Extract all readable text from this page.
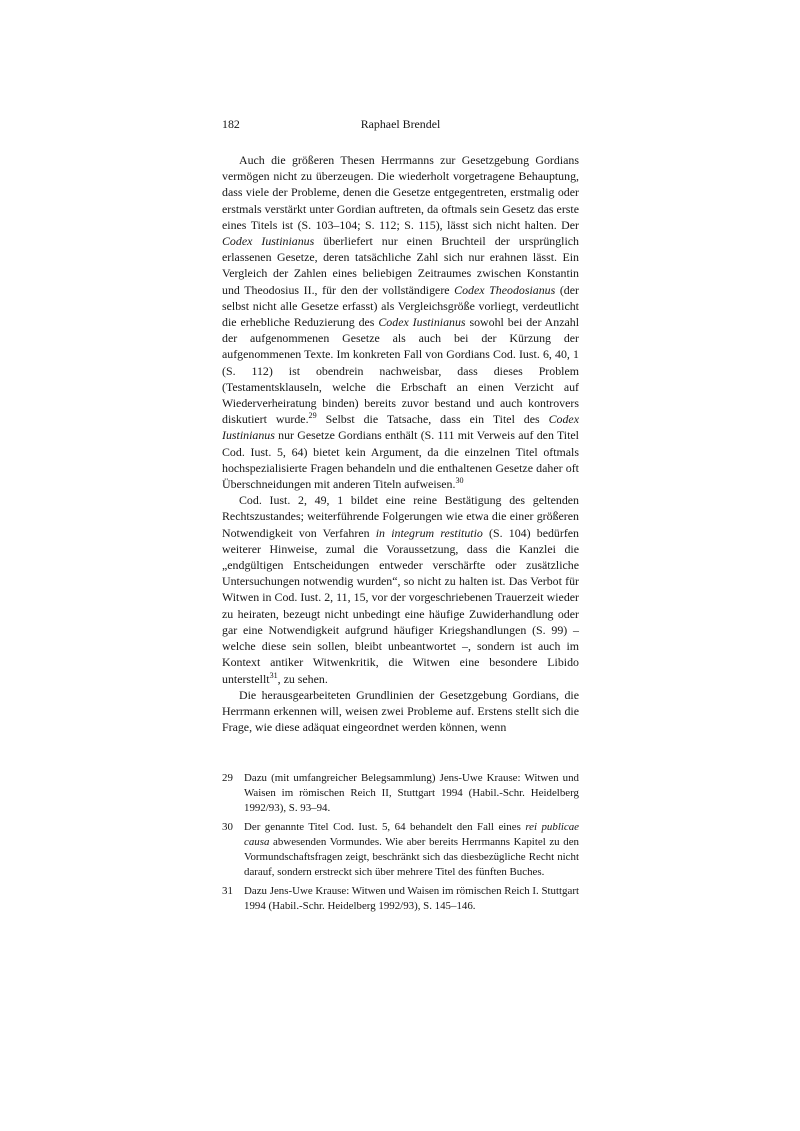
182	Raphael Brendel

Auch die größeren Thesen Herrmanns zur Gesetzgebung Gordians vermögen nicht zu überzeugen. Die wiederholt vorgetragene Behauptung, dass viele der Probleme, denen die Gesetze entgegentreten, erstmalig oder erstmals verstärkt unter Gordian auftreten, da oftmals sein Gesetz das erste eines Titels ist (S. 103–104; S. 112; S. 115), lässt sich nicht halten. Der Codex Iustinianus überliefert nur einen Bruchteil der ursprünglich erlassenen Gesetze, deren tatsächliche Zahl sich nur erahnen lässt. Ein Vergleich der Zahlen eines beliebigen Zeitraumes zwischen Konstantin und Theodosius II., für den der vollständigere Codex Theodosianus (der selbst nicht alle Gesetze erfasst) als Vergleichsgröße vorliegt, verdeutlicht die erhebliche Reduzierung des Codex Iustinianus sowohl bei der Anzahl der aufgenommenen Gesetze als auch bei der Kürzung der aufgenommenen Texte. Im konkreten Fall von Gordians Cod. Iust. 6, 40, 1 (S. 112) ist obendrein nachweisbar, dass dieses Problem (Testamentsklauseln, welche die Erbschaft an einen Verzicht auf Wiederverheiratung binden) bereits zuvor bestand und auch kontrovers diskutiert wurde.$^{29}$ Selbst die Tatsache, dass ein Titel des Codex Iustinianus nur Gesetze Gordians enthält (S. 111 mit Verweis auf den Titel Cod. Iust. 5, 64) bietet kein Argument, da die einzelnen Titel oftmals hochspezialisierte Fragen behandeln und die enthaltenen Gesetze daher oft Überschneidungen mit anderen Titeln aufweisen.$^{30}$

Cod. Iust. 2, 49, 1 bildet eine reine Bestätigung des geltenden Rechtszustandes; weiterführende Folgerungen wie etwa die einer größeren Notwendigkeit von Verfahren in integrum restitutio (S. 104) bedürfen weiterer Hinweise, zumal die Voraussetzung, dass die Kanzlei die „endgültigen Entscheidungen entweder verschärfte oder zusätzliche Untersuchungen notwendig wurden“, so nicht zu halten ist. Das Verbot für Witwen in Cod. Iust. 2, 11, 15, vor der vorgeschriebenen Trauerzeit wieder zu heiraten, bezeugt nicht unbedingt eine häufige Zuwiderhandlung oder gar eine Notwendigkeit aufgrund häufiger Kriegshandlungen (S. 99) – welche diese sein sollen, bleibt unbeantwortet –, sondern ist auch im Kontext antiker Witwenkritik, die Witwen eine besondere Libido unterstellt$^{31}$, zu sehen.

Die herausgearbeiteten Grundlinien der Gesetzgebung Gordians, die Herrmann erkennen will, weisen zwei Probleme auf. Erstens stellt sich die Frage, wie diese adäquat eingeordnet werden können, wenn

29	Dazu (mit umfangreicher Belegsammlung) Jens-Uwe Krause: Witwen und Waisen im römischen Reich II, Stuttgart 1994 (Habil.-Schr. Heidelberg 1992/93), S. 93–94.
30	Der genannte Titel Cod. Iust. 5, 64 behandelt den Fall eines rei publicae causa abwesenden Vormundes. Wie aber bereits Herrmanns Kapitel zu den Vormundschaftsfragen zeigt, beschränkt sich das diesbezügliche Recht nicht darauf, sondern erstreckt sich über mehrere Titel des fünften Buches.
31	Dazu Jens-Uwe Krause: Witwen und Waisen im römischen Reich I. Stuttgart 1994 (Habil.-Schr. Heidelberg 1992/93), S. 145–146.
